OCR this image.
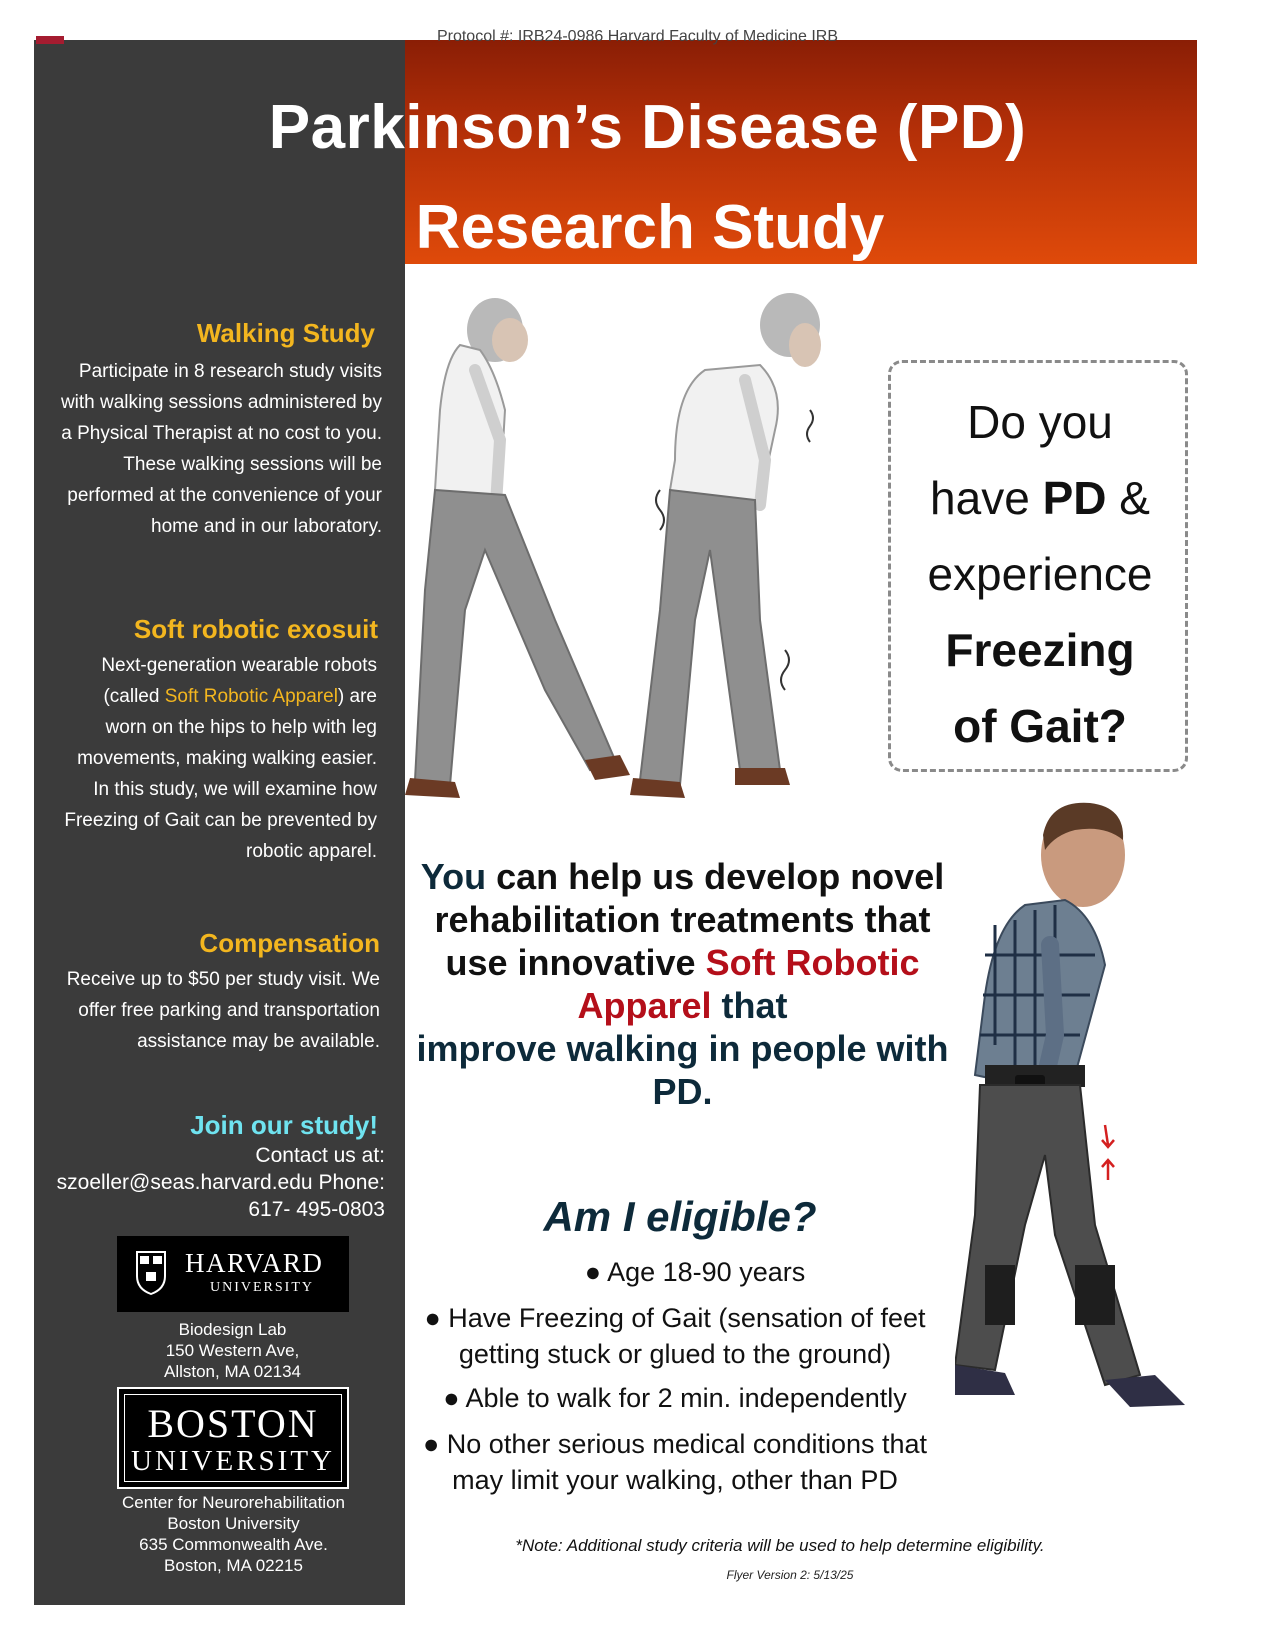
Protocol #: IRB24-0986 Harvard Faculty of Medicine IRB
Parkinson’s Disease (PD)
Research Study
Walking Study
Participate in 8 research study visits with walking sessions administered by a Physical Therapist at no cost to you. These walking sessions will be performed at the convenience of your home and in our laboratory.
Soft robotic exosuit
Next-generation wearable robots (called Soft Robotic Apparel) are worn on the hips to help with leg movements, making walking easier. In this study, we will examine how Freezing of Gait can be prevented by robotic apparel.
Compensation
Receive up to $50 per study visit. We offer free parking and transportation assistance may be available.
Join our study!
Contact us at:
szoeller@seas.harvard.edu Phone:
617- 495-0803
HARVARD
UNIVERSITY
Biodesign Lab
150 Western Ave,
Allston, MA 02134
BOSTON
UNIVERSITY
Center for Neurorehabilitation
Boston University
635 Commonwealth Ave.
Boston, MA 02215
Do you
have PD &
experience
Freezing
of Gait?
You can help us develop novel rehabilitation treatments that use innovative Soft Robotic Apparel that
improve walking in people with PD.
Am I eligible?
● Age 18-90 years
● Have Freezing of Gait (sensation of feet getting stuck or glued to the ground)
● Able to walk for 2 min. independently
● No other serious medical conditions that may limit your walking, other than PD
*Note: Additional study criteria will be used to help determine eligibility.
Flyer Version 2: 5/13/25
